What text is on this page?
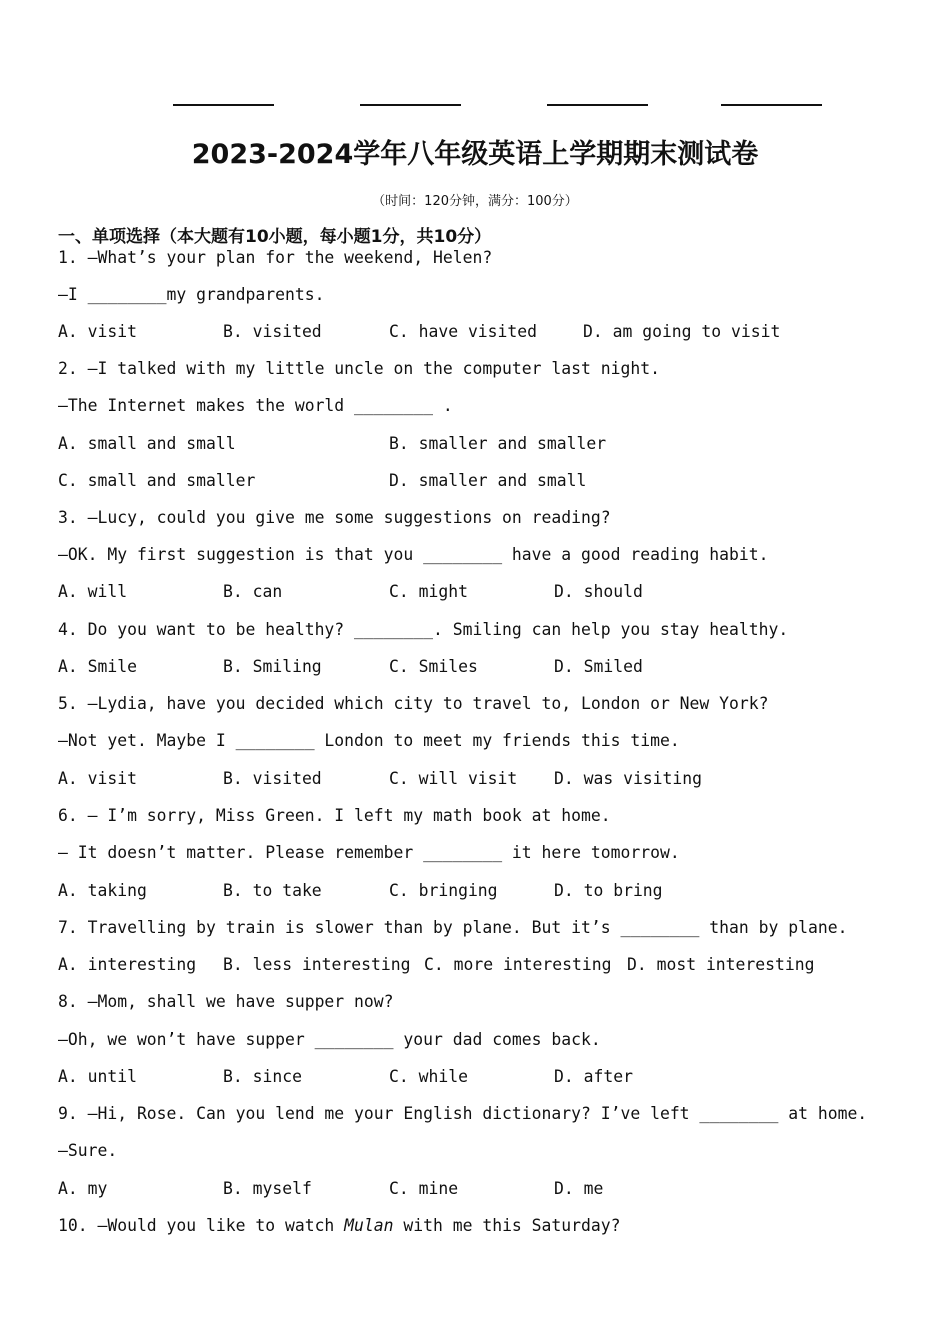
2023-2024学年八年级英语上学期期末测试卷
（时间：120分钟，满分：100分）
一、单项选择（本大题有10小题，每小题1分，共10分）
1. —What’s your plan for the weekend, Helen?
—I ________my grandparents.
A. visit	B. visited	C. have visited	D. am going to visit
2. —I talked with my little uncle on the computer last night.
—The Internet makes the world ________ .
A. small and small	B. smaller and smaller
C. small and smaller	D. smaller and small
3. —Lucy, could you give me some suggestions on reading?
—OK. My first suggestion is that you ________ have a good reading habit.
A. will	B. can	C. might	D. should
4. Do you want to be healthy? ________. Smiling can help you stay healthy.
A. Smile	B. Smiling	C. Smiles	D. Smiled
5. —Lydia, have you decided which city to travel to, London or New York?
—Not yet. Maybe I ________ London to meet my friends this time.
A. visit	B. visited	C. will visit D. was visiting
6. — I’m sorry, Miss Green. I left my math book at home.
— It doesn’t matter. Please remember ________ it here tomorrow.
A. taking	B. to take	C. bringing	D. to bring
7. Travelling by train is slower than by plane. But it’s ________ than by plane.
A. interesting B. less interesting C. more interesting D. most interesting
8. —Mom, shall we have supper now?
—Oh, we won’t have supper ________ your dad comes back.
A. until	B. since	C. while	D. after
9. —Hi, Rose. Can you lend me your English dictionary? I’ve left ________ at home.
—Sure.
A. my	B. myself	C. mine	D. me
10. —Would you like to watch Mulan with me this Saturday?
